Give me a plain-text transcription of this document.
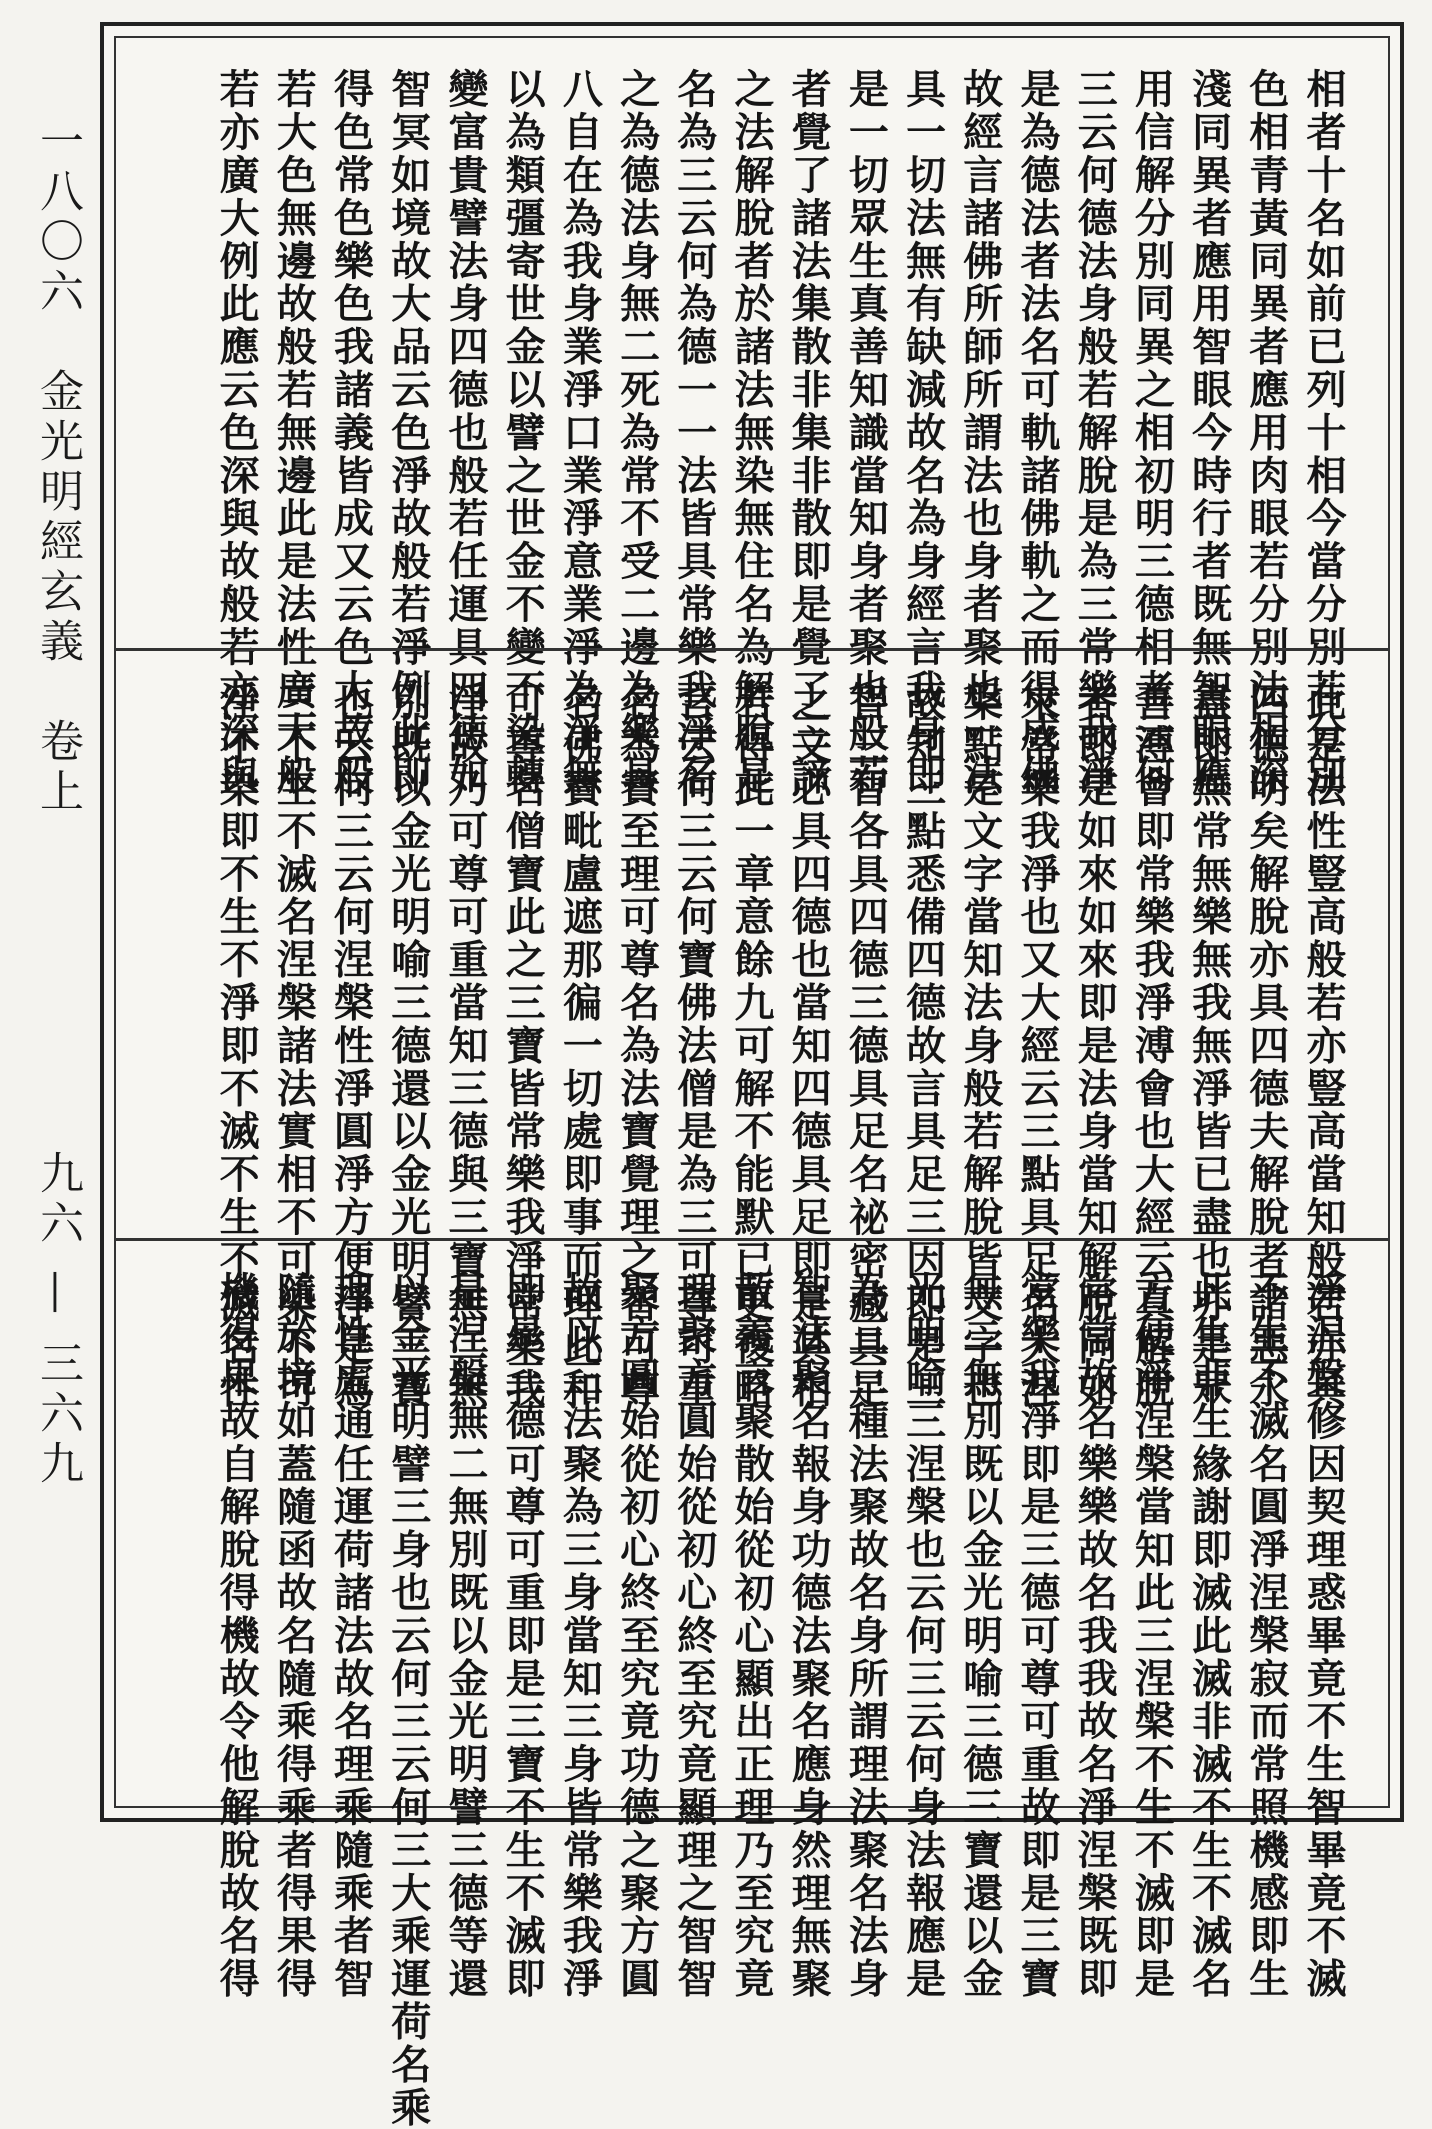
一八〇六　金光明經玄義　卷上
九六 — 三六九
相者十名如前已列十相今當分別若分別
色相青黃同異者應用肉眼若分別法相深
淺同異者應用智眼今時行者既無智眼應
用信解分別同異之相初明三德相者云何
三云何德法身般若解脫是為三常樂我淨
是為德法者法名可軌諸佛軌之而得成佛
故經言諸佛所師所謂法也身者聚也一法
具一切法無有缺減故名為身經言我身即
是一切眾生真善知識當知身者聚也般若
者覺了諸法集散非集非散即是覺了三諦
之法解脫者於諸法無染無住名為解脫是
名為三云何為德一一法皆具常樂我淨名
之為德法身無二死為常不受二邊為樂具
八自在為我身業淨口業淨意業淨為淨無
以為類彊寄世金以譬之世金不變不染轉
變富貴譬法身四德也般若任運具四德如
智冥如境故大品云色淨故般若淨例此即
得色常色樂色我諸義皆成又云色大故般
若大色無邊故般若無邊此是法性廣大般
若亦廣大例此應云色深與故般若亦深與
此是法性豎高般若亦豎高當知般若亦具
四德明矣解脫亦具四德夫解脫者諸惡永
盡即無常無樂無我無淨皆已盡也亦是眾
善溥會即常樂我淨溥會也大經云真解脫
者即是如來如來即是法身當知解脫同如
來常樂我淨也又大經云三點具足名大涅
槃點是文字當知法身般若解脫皆文字也
故知三點悉備四德故言具足三因即是三
智三智各具四德三德具足名祕密藏具足
之文必具四德也當知四德具足即是其相
若得此一章意餘九可解不能默已更復略
言云何三云何寶佛法僧是為三可尊可重
名為寶至理可尊名為法寶覺理之智可尊
名佛寶毗盧遮那徧一切處即事而理此和
可尊名僧寶此之三寶皆常樂我淨常樂我
淨故乃可尊可重當知三德與三寶無二無
別既以金光明喻三德還以金光明譬三寶
也云何三云何涅槃性淨圓淨方便淨是為
三不生不滅名涅槃諸法實相不可染不可
淨不染即不生不淨即不滅不生不滅名性
淨涅槃修因契理惑畢竟不生智畢竟不滅
不生不滅名圓淨涅槃寂而常照機感即生
此生非生緣謝即滅此滅非滅不生不滅名
方便淨涅槃當知此三涅槃不生不滅即是
常常故名樂樂故名我我故名淨涅槃既即
常樂我淨即是三德可尊可重故即是三寶
無二無別既以金光明喻三德三寶還以金
光明喻三涅槃也云何三云何身法報應是
為三三種法聚故名身所謂理法聚名法身
智法聚名報身功德法聚名應身然理無聚
散義言聚散始從初心顯出正理乃至究竟
理聚方圓始從初心終至究竟顯理之智智
聚方圓始從初心終至究竟功德之聚方圓
故以三法聚為三身當知三身皆常樂我淨
即是三德可尊可重即是三寶不生不滅即
是涅槃無二無別既以金光明譬三德等還
以金光明譬三身也云何三云何三大乘運荷名乘
理性虛通任運荷諸法故名理乘隨乘者智
隨於境如蓋隨函故名隨乘得乘者得果得
機得果故自解脫得機故令他解脫故名得
